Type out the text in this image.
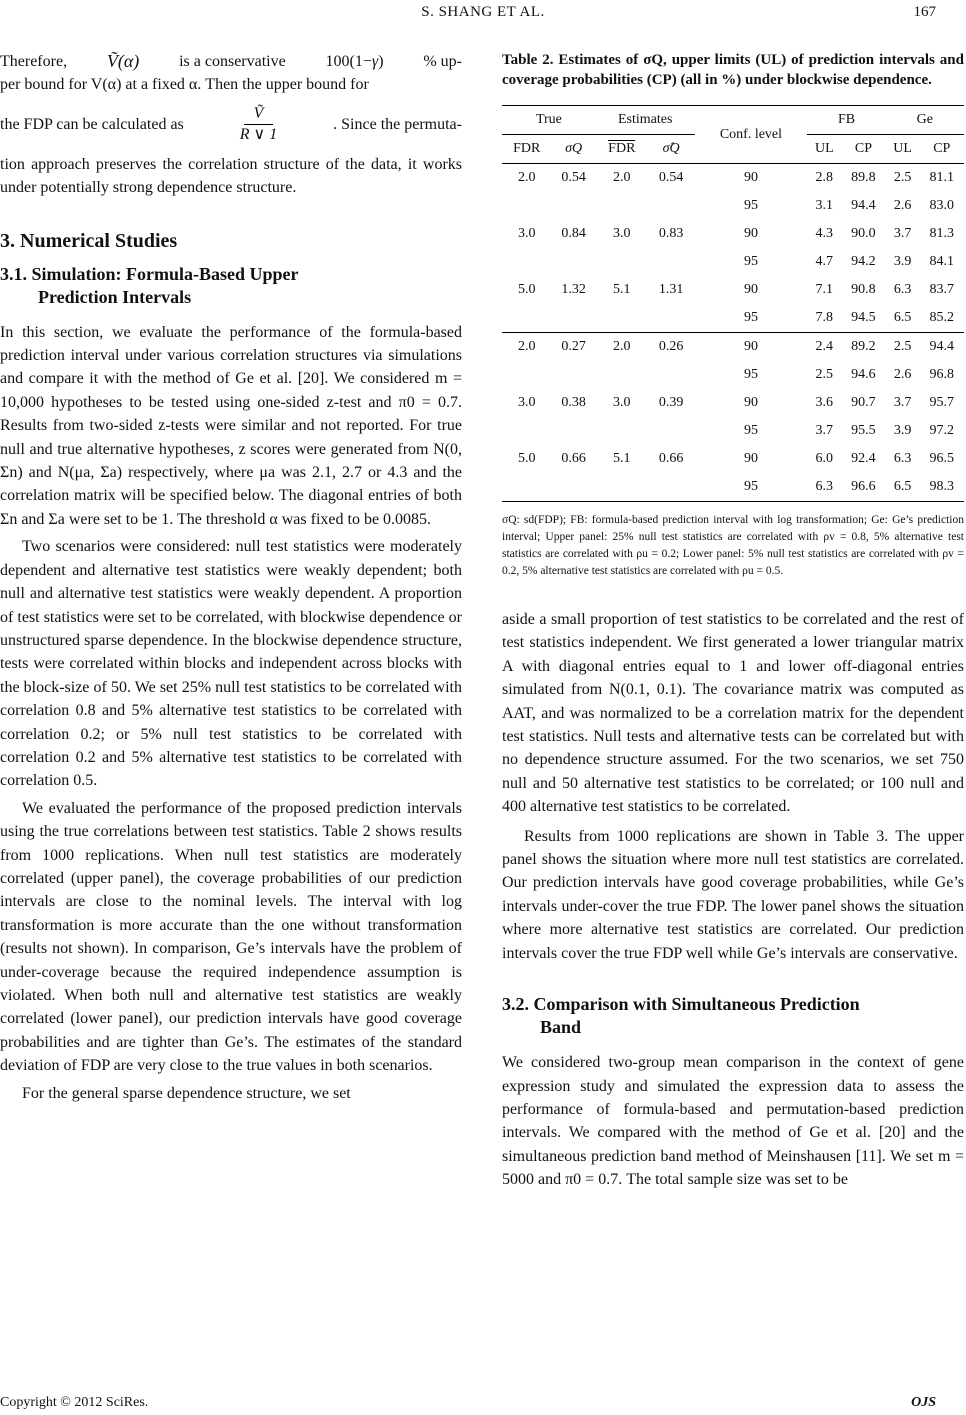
S. SHANG ET AL.	167
Therefore, Ṽ(α) is a conservative 100(1−γ) % up-

per bound for V(α) at a fixed α. Then the upper bound for

the FDP can be calculated as
Ṽ
R ∨ 1
. Since the permuta-

tion approach preserves the correlation structure of the data, it works under potentially strong dependence structure.

3. Numerical Studies
3.1. Simulation: Formula-Based Upper
Prediction Intervals

In this section, we evaluate the performance of the formula-based prediction interval under various correlation structures via simulations and compare it with the method of Ge et al. [20]. We considered m = 10,000 hypotheses to be tested using one-sided z-test and π0 = 0.7. Results from two-sided z-tests were similar and not reported. For true null and true alternative hypotheses, z scores were generated from N(0, Σn) and N(μa, Σa) respectively, where μa was 2.1, 2.7 or 4.3 and the correlation matrix will be specified below. The diagonal entries of both Σn and Σa were set to be 1. The threshold α was fixed to be 0.0085.

Two scenarios were considered: null test statistics were moderately dependent and alternative test statistics were weakly dependent; both null and alternative test statistics were weakly dependent. A proportion of test statistics were set to be correlated, with blockwise dependence or unstructured sparse dependence. In the blockwise dependence structure, tests were correlated within blocks and independent across blocks with the block-size of 50. We set 25% null test statistics to be correlated with correlation 0.8 and 5% alternative test statistics to be correlated with correlation 0.2; or 5% null test statistics to be correlated with correlation 0.2 and 5% alternative test statistics to be correlated with correlation 0.5.

We evaluated the performance of the proposed prediction intervals using the true correlations between test statistics. Table 2 shows results from 1000 replications. When null test statistics are moderately correlated (upper panel), the coverage probabilities of our prediction intervals are close to the nominal levels. The interval with log transformation is more accurate than the one without transformation (results not shown). In comparison, Ge’s intervals have the problem of under-coverage because the required independence assumption is violated. When both null and alternative test statistics are weakly correlated (lower panel), our prediction intervals have good coverage probabilities and are tighter than Ge’s. The estimates of the standard deviation of FDP are very close to the true values in both scenarios.

For the general sparse dependence structure, we set

Table 2. Estimates of σQ, upper limits (UL) of prediction intervals and coverage probabilities (CP) (all in %) under blockwise dependence.
True		Estimates		Conf. level	FB		Ge	
FDR	σQ	FDR	σ̂Q		UL	CP	UL	CP
2.0	0.54	2.0	0.54	90	2.8	89.8	2.5	81.1
				95	3.1	94.4	2.6	83.0
3.0	0.84	3.0	0.83	90	4.3	90.0	3.7	81.3
				95	4.7	94.2	3.9	84.1
5.0	1.32	5.1	1.31	90	7.1	90.8	6.3	83.7
				95	7.8	94.5	6.5	85.2
2.0	0.27	2.0	0.26	90	2.4	89.2	2.5	94.4
				95	2.5	94.6	2.6	96.8
3.0	0.38	3.0	0.39	90	3.6	90.7	3.7	95.7
				95	3.7	95.5	3.9	97.2
5.0	0.66	5.1	0.66	90	6.0	92.4	6.3	96.5
				95	6.3	96.6	6.5	98.3
σQ: sd(FDP); FB: formula-based prediction interval with log transformation; Ge: Ge’s prediction interval; Upper panel: 25% null test statistics are correlated with ρv = 0.8, 5% alternative test statistics are correlated with ρu = 0.2; Lower panel: 5% null test statistics are correlated with ρv = 0.2, 5% alternative test statistics are correlated with ρu = 0.5.

aside a small proportion of test statistics to be correlated and the rest of test statistics independent. We first generated a lower triangular matrix A with diagonal entries equal to 1 and lower off-diagonal entries simulated from N(0.1, 0.1). The covariance matrix was computed as AAT, and was normalized to be a correlation matrix for the dependent test statistics. Null tests and alternative tests can be correlated but with no dependence structure assumed. For the two scenarios, we set 750 null and 50 alternative test statistics to be correlated; or 100 null and 400 alternative test statistics to be correlated.

Results from 1000 replications are shown in Table 3. The upper panel shows the situation where more null test statistics are correlated. Our prediction intervals have good coverage probabilities, while Ge’s intervals under-cover the true FDP. The lower panel shows the situation where more alternative test statistics are correlated. Our prediction intervals cover the true FDP well while Ge’s intervals are conservative.

3.2. Comparison with Simultaneous Prediction
Band

We considered two-group mean comparison in the context of gene expression study and simulated the expression data to assess the performance of formula-based and permutation-based prediction intervals. We compared with the method of Ge et al. [20] and the simultaneous prediction band method of Meinshausen [11]. We set m = 5000 and π0 = 0.7. The total sample size was set to be

Copyright © 2012 SciRes.	OJS
